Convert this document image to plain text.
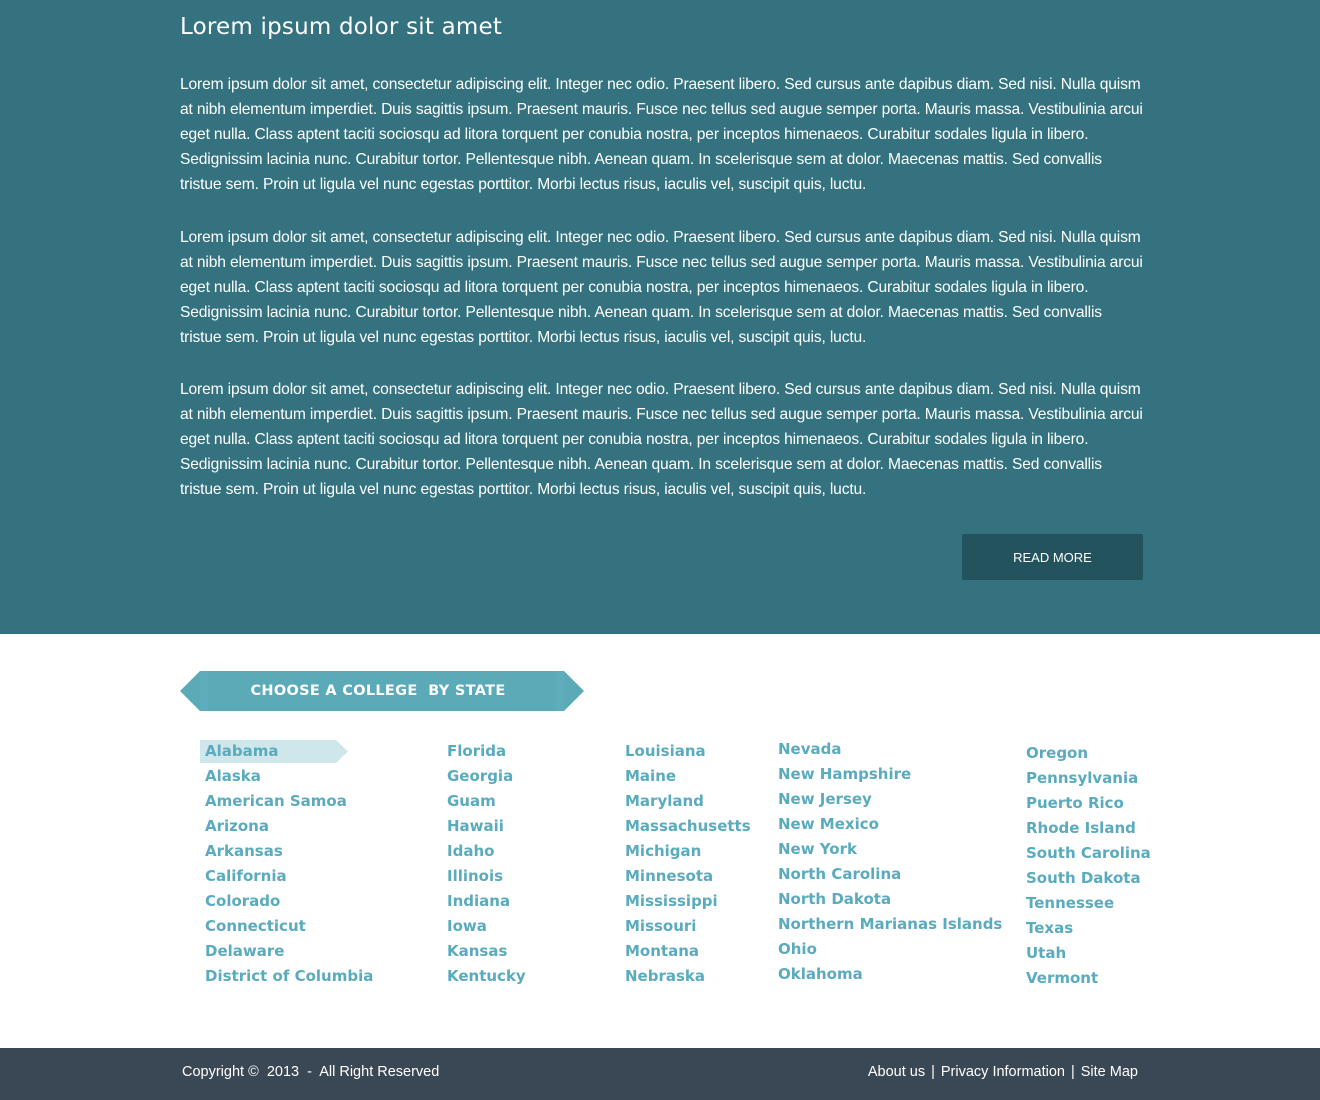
Lorem ipsum dolor sit amet

Lorem ipsum dolor sit amet, consectetur adipiscing elit. Integer nec odio. Praesent libero. Sed cursus ante dapibus diam. Sed nisi. Nulla quism at nibh elementum imperdiet. Duis sagittis ipsum. Praesent mauris. Fusce nec tellus sed augue semper porta. Mauris massa. Vestibulinia arcui eget nulla. Class aptent taciti sociosqu ad litora torquent per conubia nostra, per inceptos himenaeos. Curabitur sodales ligula in libero. Sedignissim lacinia nunc. Curabitur tortor. Pellentesque nibh. Aenean quam. In scelerisque sem at dolor. Maecenas mattis. Sed convallis tristue sem. Proin ut ligula vel nunc egestas porttitor. Morbi lectus risus, iaculis vel, suscipit quis, luctu.

Lorem ipsum dolor sit amet, consectetur adipiscing elit. Integer nec odio. Praesent libero. Sed cursus ante dapibus diam. Sed nisi. Nulla quism at nibh elementum imperdiet. Duis sagittis ipsum. Praesent mauris. Fusce nec tellus sed augue semper porta. Mauris massa. Vestibulinia arcui eget nulla. Class aptent taciti sociosqu ad litora torquent per conubia nostra, per inceptos himenaeos. Curabitur sodales ligula in libero. Sedignissim lacinia nunc. Curabitur tortor. Pellentesque nibh. Aenean quam. In scelerisque sem at dolor. Maecenas mattis. Sed convallis tristue sem. Proin ut ligula vel nunc egestas porttitor. Morbi lectus risus, iaculis vel, suscipit quis, luctu.

Lorem ipsum dolor sit amet, consectetur adipiscing elit. Integer nec odio. Praesent libero. Sed cursus ante dapibus diam. Sed nisi. Nulla quism at nibh elementum imperdiet. Duis sagittis ipsum. Praesent mauris. Fusce nec tellus sed augue semper porta. Mauris massa. Vestibulinia arcui eget nulla. Class aptent taciti sociosqu ad litora torquent per conubia nostra, per inceptos himenaeos. Curabitur sodales ligula in libero. Sedignissim lacinia nunc. Curabitur tortor. Pellentesque nibh. Aenean quam. In scelerisque sem at dolor. Maecenas mattis. Sed convallis tristue sem. Proin ut ligula vel nunc egestas porttitor. Morbi lectus risus, iaculis vel, suscipit quis, luctu.

READ MORE
CHOOSE A COLLEGE  BY STATE
Alabama
Alaska
American Samoa
Arizona
Arkansas
California
Colorado
Connecticut
Delaware
District of Columbia
Florida
Georgia
Guam
Hawaii
Idaho
Illinois
Indiana
Iowa
Kansas
Kentucky
Louisiana
Maine
Maryland
Massachusetts
Michigan
Minnesota
Mississippi
Missouri
Montana
Nebraska
Nevada
New Hampshire
New Jersey
New Mexico
New York
North Carolina
North Dakota
Northern Marianas Islands
Ohio
Oklahoma
Oregon
Pennsylvania
Puerto Rico
Rhode Island
South Carolina
South Dakota
Tennessee
Texas
Utah
Vermont
Copyright ©  2013  -  All Right Reserved	About us | Privacy Information | Site Map
